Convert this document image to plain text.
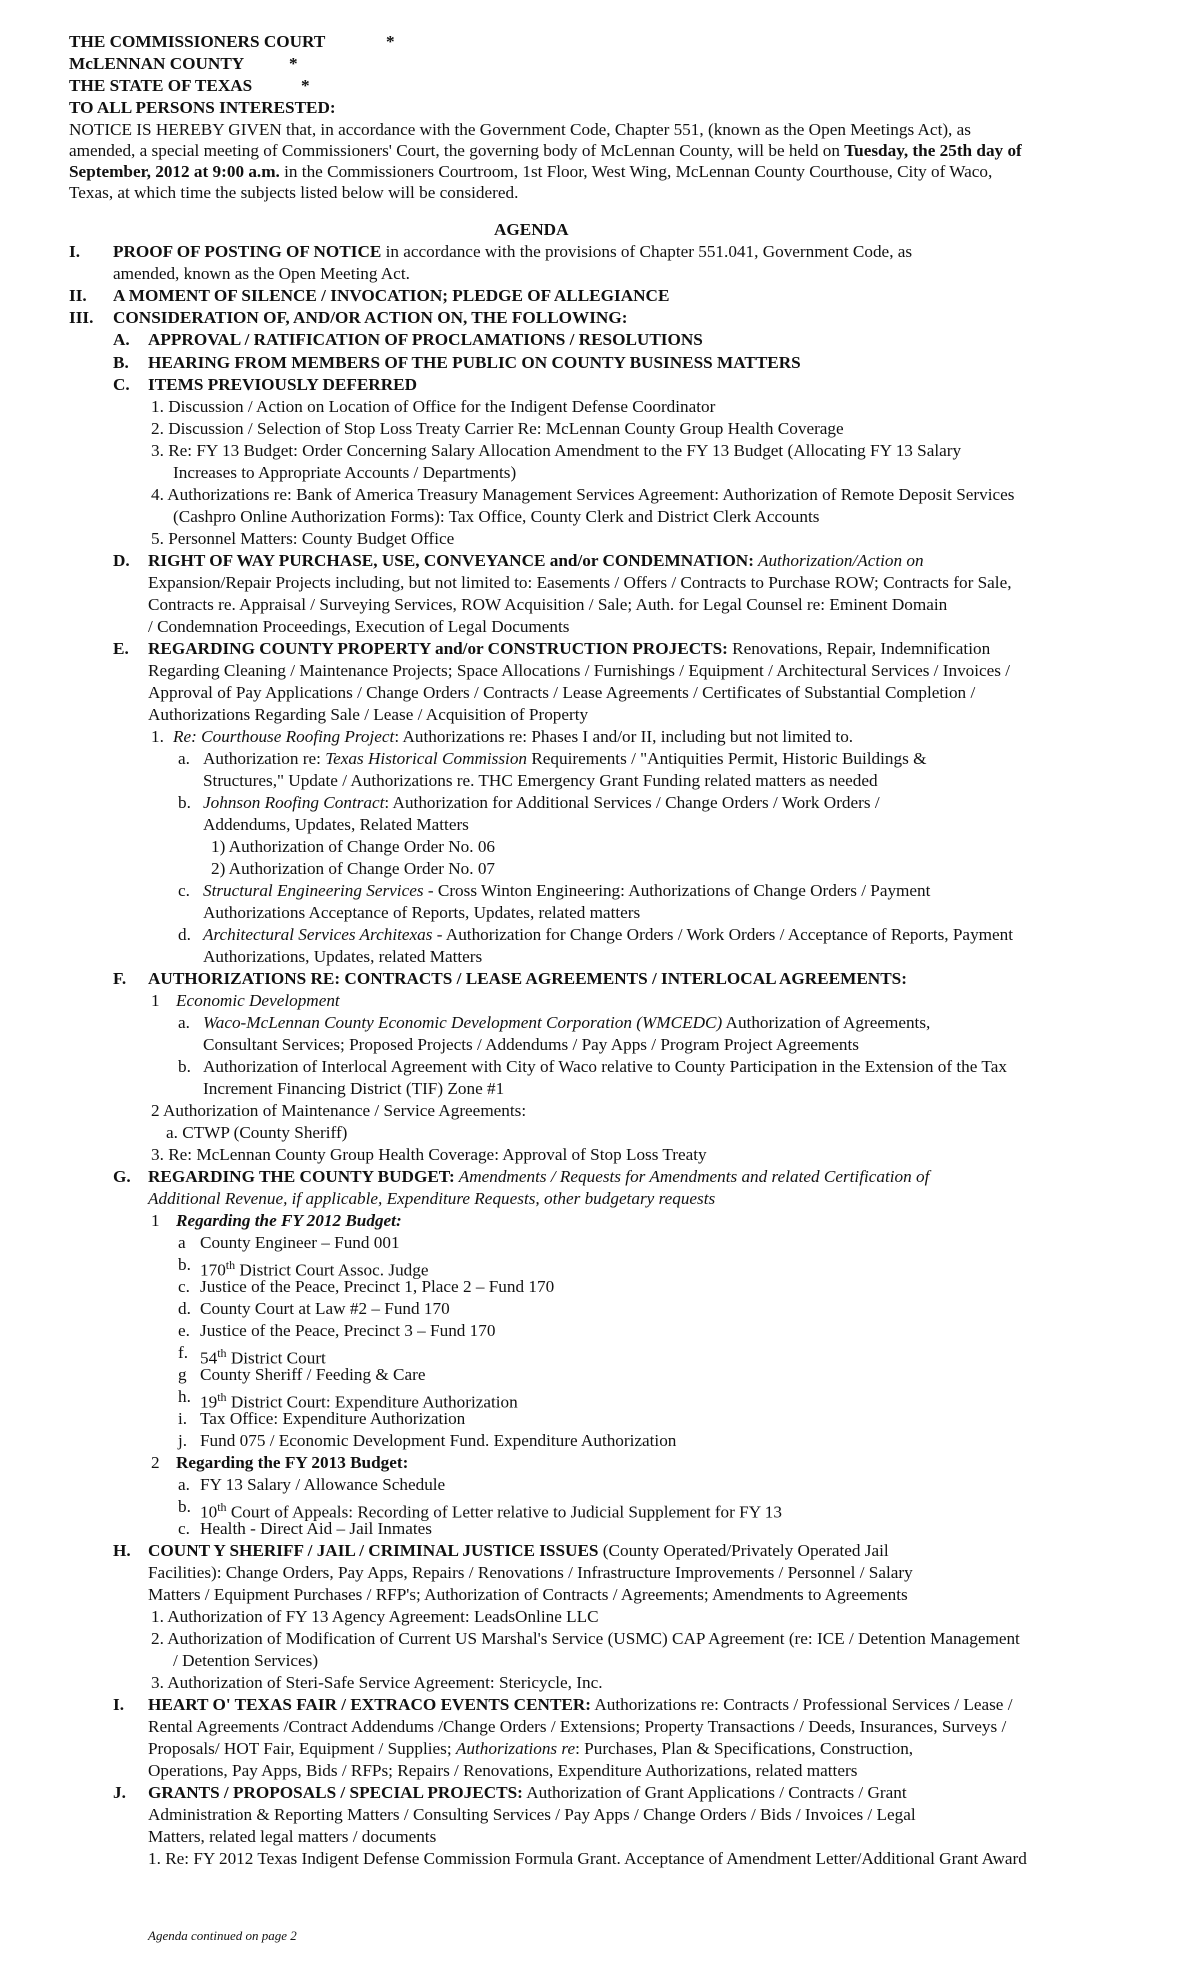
THE COMMISSIONERS COURT	*
McLENNAN COUNTY	*
THE STATE OF TEXAS	*
TO ALL PERSONS INTERESTED:
NOTICE IS HEREBY GIVEN that, in accordance with the Government Code, Chapter 551, (known as the Open Meetings Act), as
amended, a special meeting of Commissioners' Court, the governing body of McLennan County, will be held on Tuesday, the 25th day of
September, 2012 at 9:00 a.m. in the Commissioners Courtroom, 1st Floor, West Wing, McLennan County Courthouse, City of Waco,
Texas, at which time the subjects listed below will be considered.
AGENDA
I. PROOF OF POSTING OF NOTICE in accordance with the provisions of Chapter 551.041, Government Code, as
amended, known as the Open Meeting Act.
II. A MOMENT OF SILENCE / INVOCATION; PLEDGE OF ALLEGIANCE
III. CONSIDERATION OF, AND/OR ACTION ON, THE FOLLOWING:
A. APPROVAL / RATIFICATION OF PROCLAMATIONS / RESOLUTIONS
B. HEARING FROM MEMBERS OF THE PUBLIC ON COUNTY BUSINESS MATTERS
C. ITEMS PREVIOUSLY DEFERRED
1. Discussion / Action on Location of Office for the Indigent Defense Coordinator
2. Discussion / Selection of Stop Loss Treaty Carrier Re: McLennan County Group Health Coverage
3. Re: FY 13 Budget: Order Concerning Salary Allocation Amendment to the FY 13 Budget (Allocating FY 13 Salary
Increases to Appropriate Accounts / Departments)
4. Authorizations re: Bank of America Treasury Management Services Agreement: Authorization of Remote Deposit Services
(Cashpro Online Authorization Forms): Tax Office, County Clerk and District Clerk Accounts
5. Personnel Matters: County Budget Office
D. RIGHT OF WAY PURCHASE, USE, CONVEYANCE and/or CONDEMNATION: Authorization/Action on
Expansion/Repair Projects including, but not limited to: Easements / Offers / Contracts to Purchase ROW; Contracts for Sale,
Contracts re. Appraisal / Surveying Services, ROW Acquisition / Sale; Auth. for Legal Counsel re: Eminent Domain
/ Condemnation Proceedings, Execution of Legal Documents
E. REGARDING COUNTY PROPERTY and/or CONSTRUCTION PROJECTS: Renovations, Repair, Indemnification
Regarding Cleaning / Maintenance Projects; Space Allocations / Furnishings / Equipment / Architectural Services / Invoices /
Approval of Pay Applications / Change Orders / Contracts / Lease Agreements / Certificates of Substantial Completion /
Authorizations Regarding Sale / Lease / Acquisition of Property
1. Re: Courthouse Roofing Project: Authorizations re: Phases I and/or II, including but not limited to.
a. Authorization re: Texas Historical Commission Requirements / "Antiquities Permit, Historic Buildings &
Structures," Update / Authorizations re. THC Emergency Grant Funding related matters as needed
b. Johnson Roofing Contract: Authorization for Additional Services / Change Orders / Work Orders /
Addendums, Updates, Related Matters
1) Authorization of Change Order No. 06
2) Authorization of Change Order No. 07
c. Structural Engineering Services - Cross Winton Engineering: Authorizations of Change Orders / Payment
Authorizations Acceptance of Reports, Updates, related matters
d. Architectural Services Architexas - Authorization for Change Orders / Work Orders / Acceptance of Reports, Payment
Authorizations, Updates, related Matters
F. AUTHORIZATIONS RE: CONTRACTS / LEASE AGREEMENTS / INTERLOCAL AGREEMENTS:
1 Economic Development
a. Waco-McLennan County Economic Development Corporation (WMCEDC) Authorization of Agreements,
Consultant Services; Proposed Projects / Addendums / Pay Apps / Program Project Agreements
b. Authorization of Interlocal Agreement with City of Waco relative to County Participation in the Extension of the Tax
Increment Financing District (TIF) Zone #1
2 Authorization of Maintenance / Service Agreements:
a. CTWP (County Sheriff)
3. Re: McLennan County Group Health Coverage: Approval of Stop Loss Treaty
G. REGARDING THE COUNTY BUDGET: Amendments / Requests for Amendments and related Certification of
Additional Revenue, if applicable, Expenditure Requests, other budgetary requests
1 Regarding the FY 2012 Budget:
a County Engineer – Fund 001
b. 170th District Court Assoc. Judge
c. Justice of the Peace, Precinct 1, Place 2 – Fund 170
d. County Court at Law #2 – Fund 170
e. Justice of the Peace, Precinct 3 – Fund 170
f. 54th District Court
g County Sheriff / Feeding & Care
h. 19th District Court: Expenditure Authorization
i. Tax Office: Expenditure Authorization
j. Fund 075 / Economic Development Fund. Expenditure Authorization
2 Regarding the FY 2013 Budget:
a. FY 13 Salary / Allowance Schedule
b. 10th Court of Appeals: Recording of Letter relative to Judicial Supplement for FY 13
c. Health - Direct Aid – Jail Inmates
H. COUNT Y SHERIFF / JAIL / CRIMINAL JUSTICE ISSUES (County Operated/Privately Operated Jail
Facilities): Change Orders, Pay Apps, Repairs / Renovations / Infrastructure Improvements / Personnel / Salary
Matters / Equipment Purchases / RFP's; Authorization of Contracts / Agreements; Amendments to Agreements
1. Authorization of FY 13 Agency Agreement: LeadsOnline LLC
2. Authorization of Modification of Current US Marshal's Service (USMC) CAP Agreement (re: ICE / Detention Management
/ Detention Services)
3. Authorization of Steri-Safe Service Agreement: Stericycle, Inc.
I. HEART O' TEXAS FAIR / EXTRACO EVENTS CENTER: Authorizations re: Contracts / Professional Services / Lease /
Rental Agreements /Contract Addendums /Change Orders / Extensions; Property Transactions / Deeds, Insurances, Surveys /
Proposals/ HOT Fair, Equipment / Supplies; Authorizations re: Purchases, Plan & Specifications, Construction,
Operations, Pay Apps, Bids / RFPs; Repairs / Renovations, Expenditure Authorizations, related matters
J. GRANTS / PROPOSALS / SPECIAL PROJECTS: Authorization of Grant Applications / Contracts / Grant
Administration & Reporting Matters / Consulting Services / Pay Apps / Change Orders / Bids / Invoices / Legal
Matters, related legal matters / documents
1. Re: FY 2012 Texas Indigent Defense Commission Formula Grant. Acceptance of Amendment Letter/Additional Grant Award
Agenda continued on page 2
